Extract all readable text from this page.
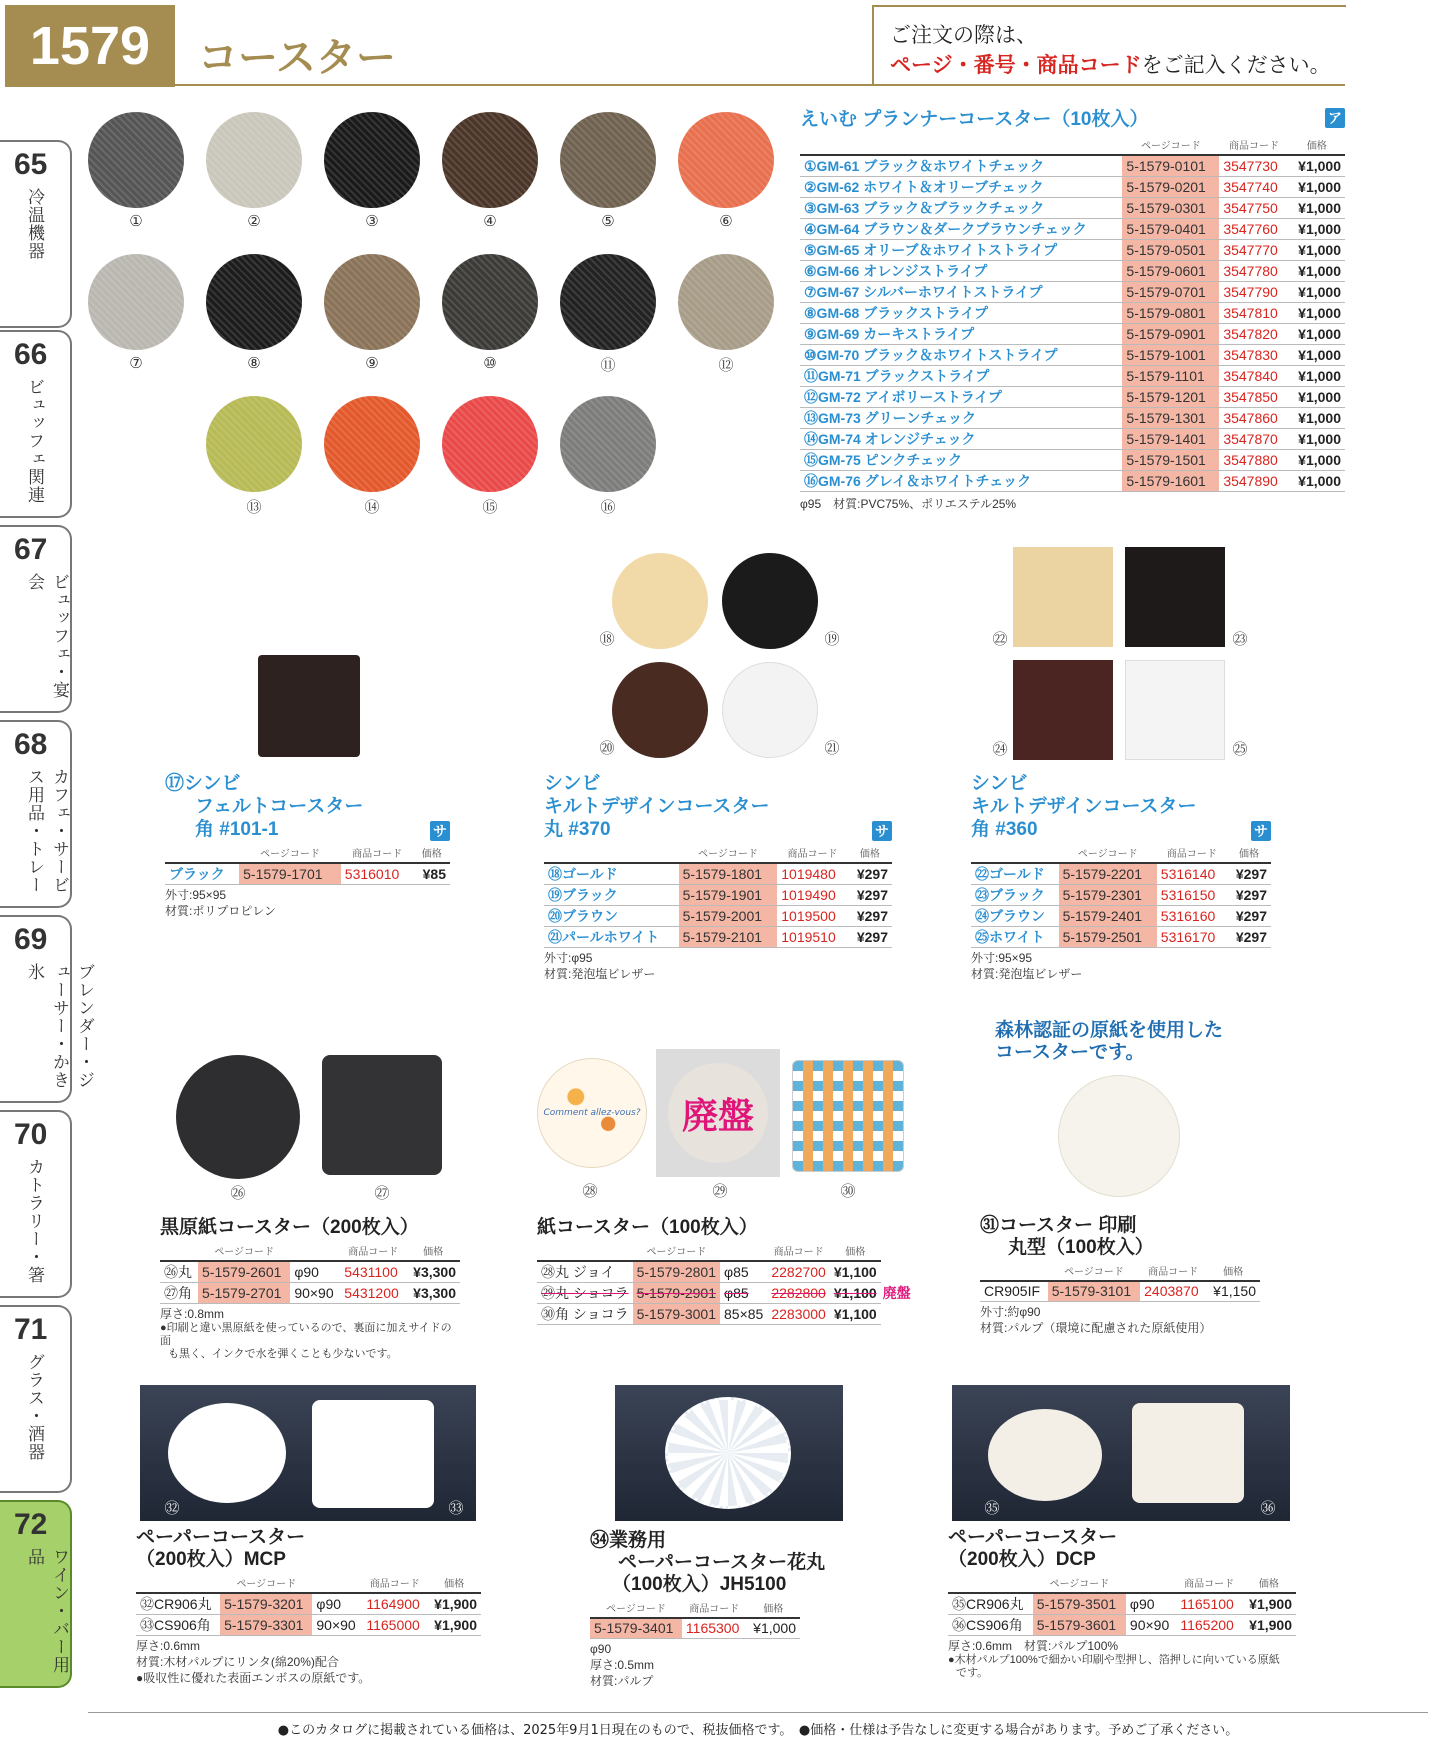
1579	コースター
ご注文の際は、
ページ・番号・商品コードをご記入ください。
65
冷温機器
66
ビュッフェ関連
67
ビュッフェ・宴会
68
カフェ・サービス用品・トレー
69
ブレンダー・ジューサー・かき氷
70
カトラリー・箸
71
グラス・酒器
72
ワイン・バー用品
①	②	③	④	⑤	⑥
⑦	⑧	⑨	⑩	⑪	⑫
⑬	⑭	⑮	⑯
えいむ プランナーコースター（10枚入）	ア
	ページコード	商品コード	価格
①GM-61 ブラック＆ホワイトチェック	5-1579-0101	3547730	¥1,000
②GM-62 ホワイト＆オリーブチェック	5-1579-0201	3547740	¥1,000
③GM-63 ブラック＆ブラックチェック	5-1579-0301	3547750	¥1,000
④GM-64 ブラウン＆ダークブラウンチェック	5-1579-0401	3547760	¥1,000
⑤GM-65 オリーブ＆ホワイトストライプ	5-1579-0501	3547770	¥1,000
⑥GM-66 オレンジストライプ	5-1579-0601	3547780	¥1,000
⑦GM-67 シルバーホワイトストライプ	5-1579-0701	3547790	¥1,000
⑧GM-68 ブラックストライプ	5-1579-0801	3547810	¥1,000
⑨GM-69 カーキストライプ	5-1579-0901	3547820	¥1,000
⑩GM-70 ブラック＆ホワイトストライプ	5-1579-1001	3547830	¥1,000
⑪GM-71 ブラックストライプ	5-1579-1101	3547840	¥1,000
⑫GM-72 アイボリーストライプ	5-1579-1201	3547850	¥1,000
⑬GM-73 グリーンチェック	5-1579-1301	3547860	¥1,000
⑭GM-74 オレンジチェック	5-1579-1401	3547870	¥1,000
⑮GM-75 ピンクチェック	5-1579-1501	3547880	¥1,000
⑯GM-76 グレイ＆ホワイトチェック	5-1579-1601	3547890	¥1,000
φ95　材質:PVC75%、ポリエステル25%
⑰シンビ
フェルトコースター
角 #101-1	サ
	ページコード	商品コード	価格
ブラック	5-1579-1701	5316010	¥85
外寸:95×95
材質:ポリプロピレン
⑱	⑲
⑳	㉑
シンビ
キルトデザインコースター
丸 #370	サ
	ページコード	商品コード	価格
⑱ゴールド	5-1579-1801	1019480	¥297
⑲ブラック	5-1579-1901	1019490	¥297
⑳ブラウン	5-1579-2001	1019500	¥297
㉑パールホワイト	5-1579-2101	1019510	¥297
外寸:φ95
材質:発泡塩ビレザー
㉒	㉓
㉔	㉕
シンビ
キルトデザインコースター
角 #360	サ
	ページコード	商品コード	価格
㉒ゴールド	5-1579-2201	5316140	¥297
㉓ブラック	5-1579-2301	5316150	¥297
㉔ブラウン	5-1579-2401	5316160	¥297
㉕ホワイト	5-1579-2501	5316170	¥297
外寸:95×95
材質:発泡塩ビレザー
㉖	㉗
黒原紙コースター（200枚入）
	ページコード		商品コード	価格
㉖丸	5-1579-2601	φ90	5431100	¥3,300
㉗角	5-1579-2701	90×90	5431200	¥3,300
厚さ:0.8mm
●印刷と違い黒原紙を使っているので、裏面に加えサイドの面
も黒く、インクで水を弾くことも少ないです。
Comment allez-vous? 廃盤
㉘	㉙	㉚
紙コースター（100枚入）
	ページコード		商品コード	価格	
㉘丸 ジョイ	5-1579-2801	φ85	2282700	¥1,100	
㉙丸 ショコラ	5-1579-2901	φ85	2282800	¥1,100	廃盤
㉚角 ショコラ	5-1579-3001	85×85	2283000	¥1,100	
森林認証の原紙を使用した
コースターです。
㉛コースター 印刷
丸型（100枚入）
	ページコード	商品コード	価格
CR905IF	5-1579-3101	2403870	¥1,150
外寸:約φ90
材質:パルプ（環境に配慮された原紙使用）
㉜	㉝
ペーパーコースター
（200枚入）MCP
	ページコード		商品コード	価格
㉜CR906丸	5-1579-3201	φ90	1164900	¥1,900
㉝CS906角	5-1579-3301	90×90	1165000	¥1,900
厚さ:0.6mm
材質:木材パルプにリンタ(綿20%)配合
●吸収性に優れた表面エンボスの原紙です。
㉞業務用
ペーパーコースター花丸
（100枚入）JH5100
ページコード	商品コード	価格
5-1579-3401	1165300	¥1,000
φ90
厚さ:0.5mm
材質:パルプ
㉟	㊱
ペーパーコースター
（200枚入）DCP
	ページコード		商品コード	価格
㉟CR906丸	5-1579-3501	φ90	1165100	¥1,900
㊱CS906角	5-1579-3601	90×90	1165200	¥1,900
厚さ:0.6mm　材質:パルプ100%
●木材パルプ100%で細かい印刷や型押し、箔押しに向いている原紙
です。
●このカタログに掲載されている価格は、2025年9月1日現在のもので、税抜価格です。　●価格・仕様は予告なしに変更する場合があります。予めご了承ください。
